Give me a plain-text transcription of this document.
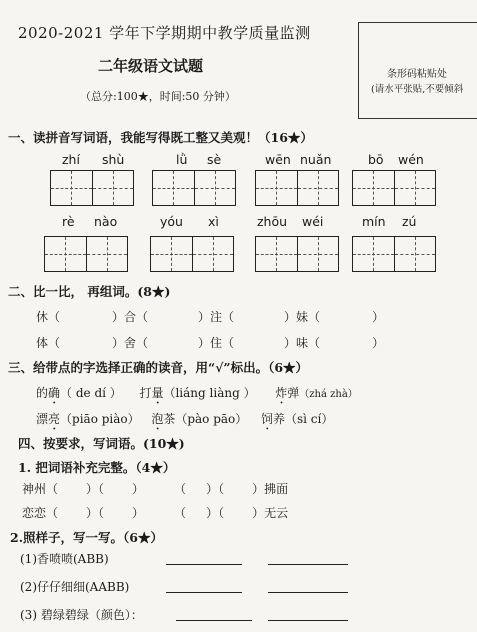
2020-2021 学年下学期期中教学质量监测
二年级语文试题
（总分:100★，时间:50 分钟）
条形码粘贴处
(请水平张贴,不要倾斜
一、读拼音写词语，我能写得既工整又美观！（16★）
zhí shù	lǜ sè	wēn nuǎn	bō wén
rè nào	yóu xì	zhōu wéi	mín zú
二、比一比， 再组词。(8★)
休（	）合（	）注（	）妹（	）
体（	）舍（	）住（	）味（	）
三、给带点的字选择正确的读音，用“√”标出。（6★）
的确（ de dí ） 打量（liáng liàng ） 炸弹（zhá zhà）
漂亮（piāo piào） 泡茶（pào pāo） 饲养（sì cí）
四、按要求，写词语。(10★)
1. 把词语补充完整。（4★）
神州（ ）（ ）	（ ）（ ）拂面
恋恋（ ）（ ）	（ ）（ ）无云
2.照样子，写一写。（6★）
(1)香喷喷(ABB)
(2)仔仔细细(AABB)
(3) 碧绿碧绿（颜色）：
